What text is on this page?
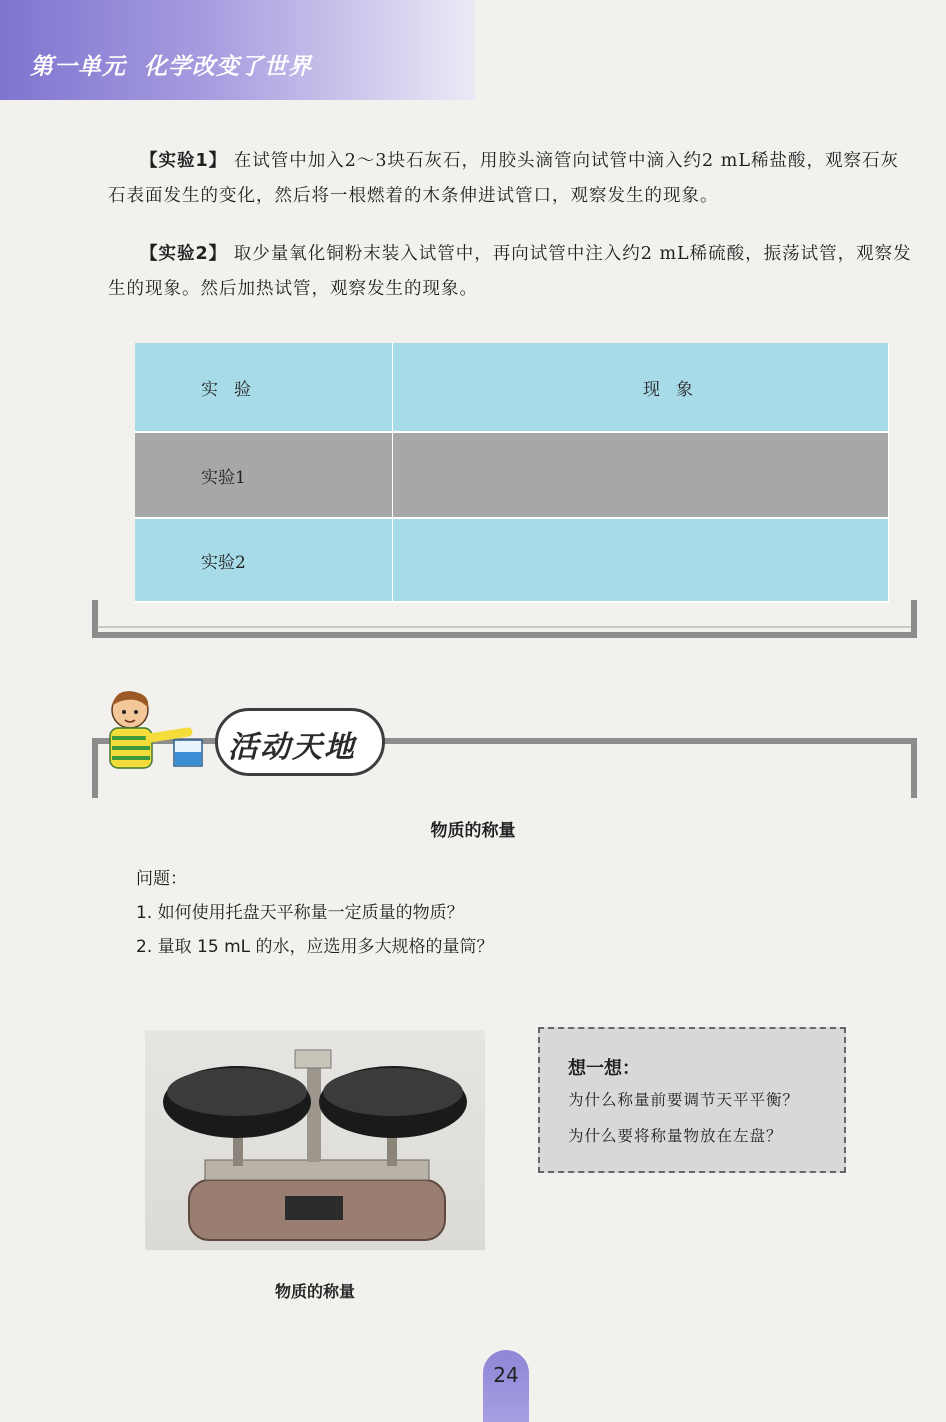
第一单元 化学改变了世界
【实验1】 在试管中加入2～3块石灰石，用胶头滴管向试管中滴入约2 mL稀盐酸，观察石灰石表面发生的变化，然后将一根燃着的木条伸进试管口，观察发生的现象。
【实验2】 取少量氧化铜粉末装入试管中，再向试管中注入约2 mL稀硫酸，振荡试管，观察发生的现象。然后加热试管，观察发生的现象。
实验	现象
实验1	
实验2	
活动天地
物质的称量
问题：
1. 如何使用托盘天平称量一定质量的物质？
2. 量取 15 mL 的水，应选用多大规格的量筒？
物质的称量
想一想：
为什么称量前要调节天平平衡？
为什么要将称量物放在左盘？
24
